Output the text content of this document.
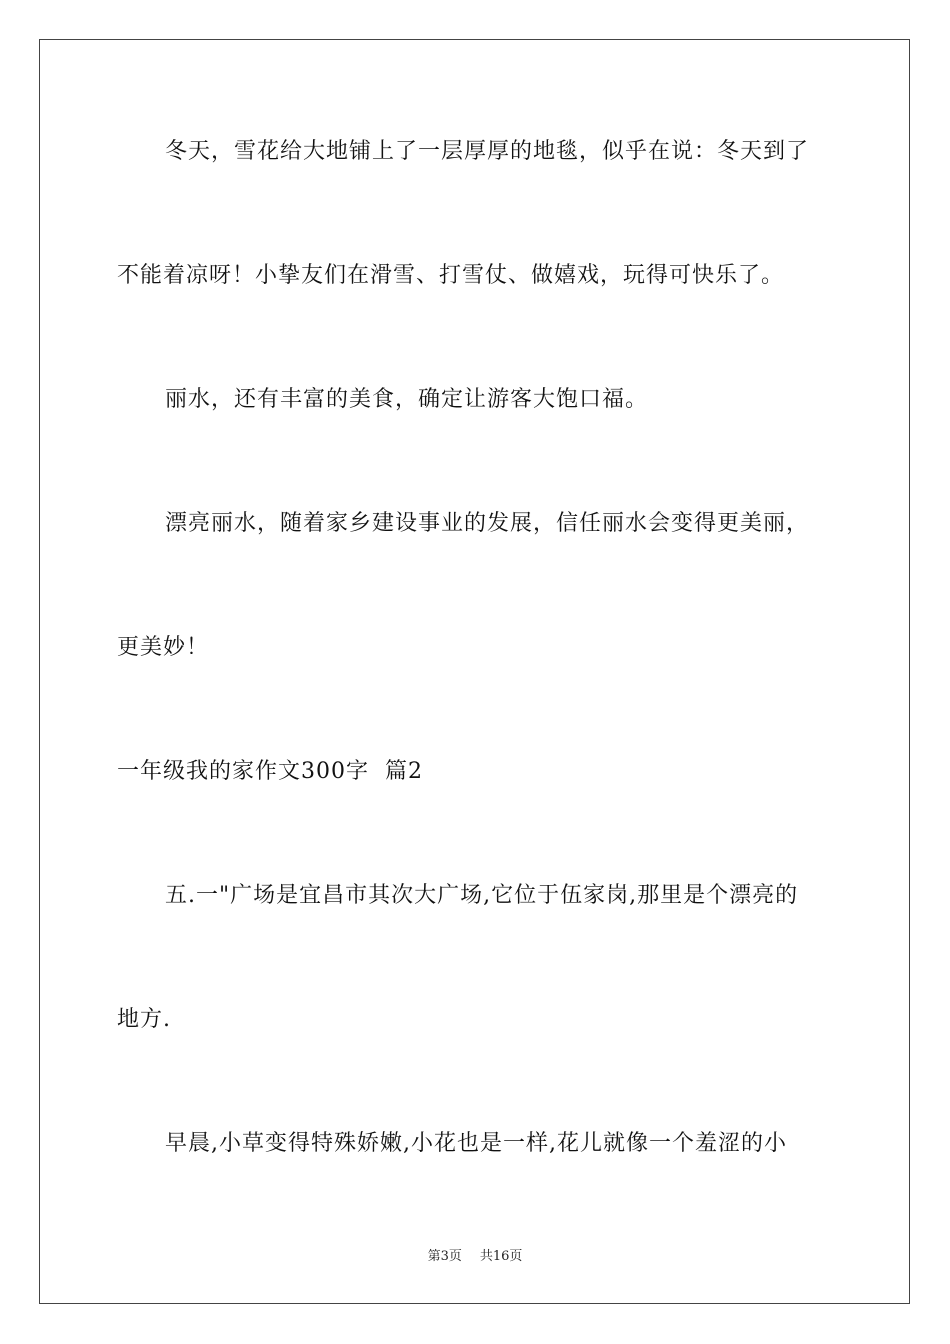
冬天，雪花给大地铺上了一层厚厚的地毯，似乎在说：冬天到了
不能着凉呀！小挚友们在滑雪、打雪仗、做嬉戏，玩得可快乐了。
丽水，还有丰富的美食，确定让游客大饱口福。
漂亮丽水，随着家乡建设事业的发展，信任丽水会变得更美丽，
更美妙！
一年级我的家作文300字  篇2
五.一"广场是宜昌市其次大广场,它位于伍家岗,那里是个漂亮的
地方.
早晨,小草变得特殊娇嫩,小花也是一样,花儿就像一个羞涩的小
第3页 共16页
